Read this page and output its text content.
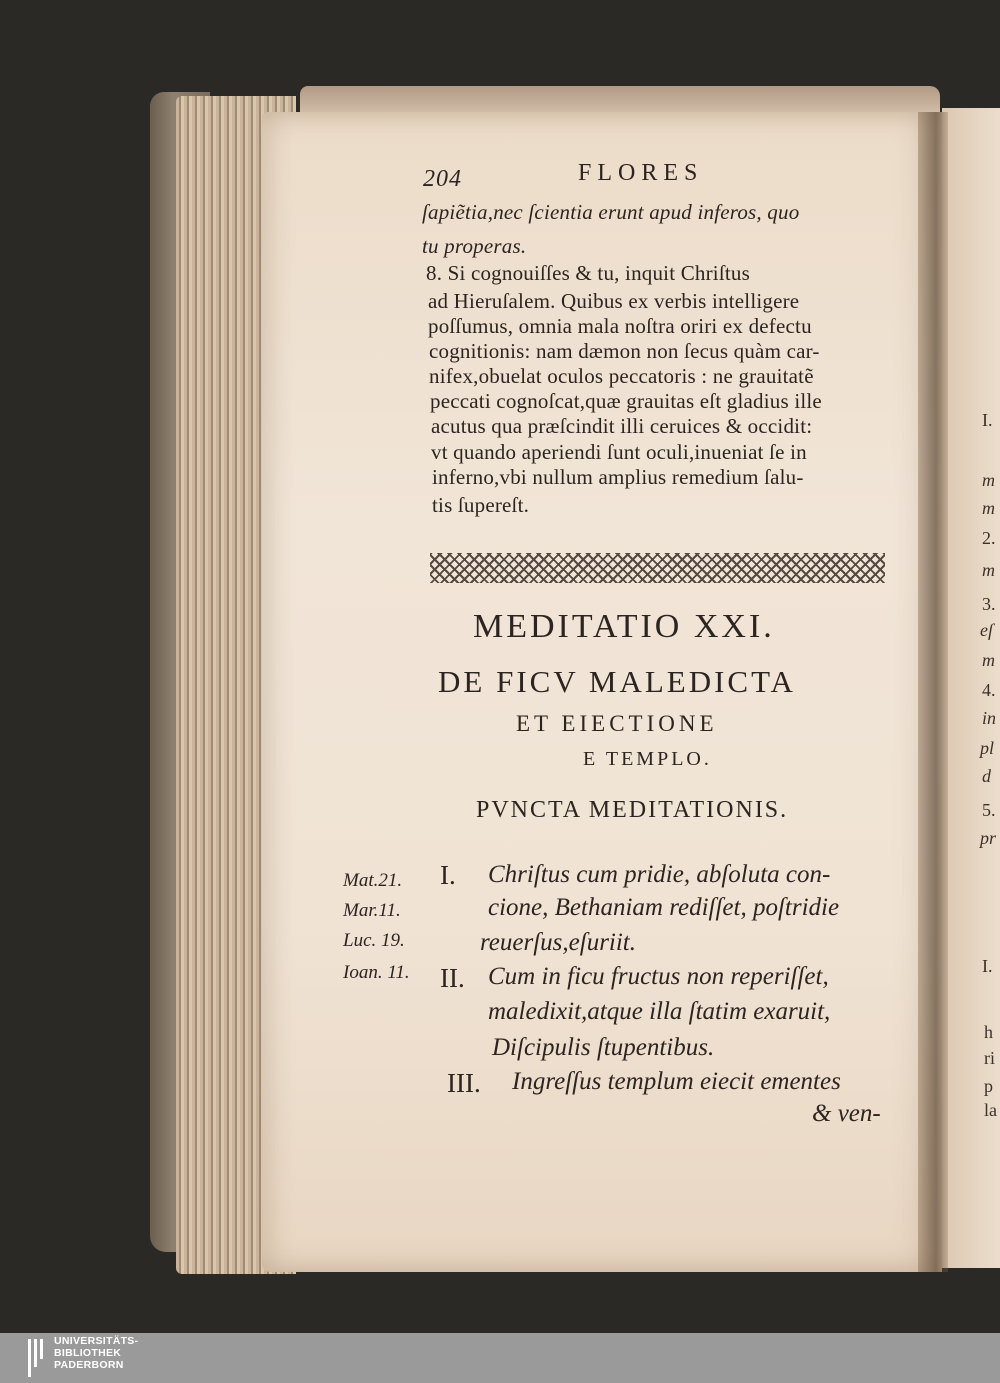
204	FLORES
ſapiẽtia,nec ſcientia erunt apud inferos, quo
tu properas.
8. Si cognouiſſes & tu, inquit Chriſtus
ad Hieruſalem. Quibus ex verbis intelligere
poſſumus, omnia mala noſtra oriri ex defectu
cognitionis: nam dæmon non ſecus quàm car-
nifex,obuelat oculos peccatoris : ne grauitatẽ
peccati cognoſcat,quæ grauitas eſt gladius ille
acutus qua præſcindit illi ceruices & occidit:
vt quando aperiendi ſunt oculi,inueniat ſe in
inferno,vbi nullum amplius remedium ſalu-
tis ſupereſt.
MEDITATIO XXI.
DE FICV MALEDICTA
ET EIECTIONE
E TEMPLO.
PVNCTA MEDITATIONIS.
Mat.21.
Mar.11.
Luc. 19.
Ioan. 11.
I. Chriſtus cum pridie, abſoluta con-
cione, Bethaniam rediſſet, poſtridie
reuerſus,eſuriit.
II. Cum in ficu fructus non reperiſſet,
maledixit,atque illa ſtatim exaruit,
Diſcipulis ſtupentibus.
III. Ingreſſus templum eiecit ementes
& ven-
I.
m
m
2.
m
3.
eſ
m
4.
in
pl
d
5.
pr
I.
h
ri
p
la
UNIVERSITÄTS-
BIBLIOTHEK
PADERBORN
